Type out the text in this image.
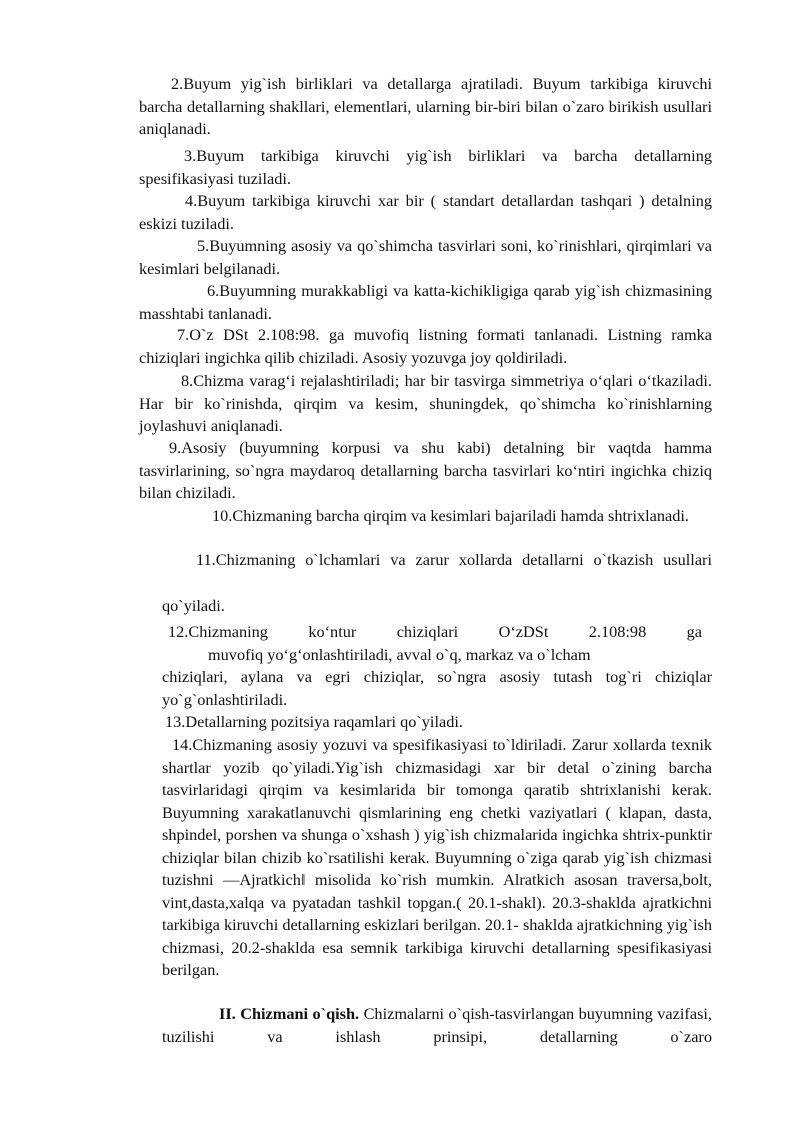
2.Buyum yig`ish birliklari va detallarga ajratiladi. Buyum tarkibiga kiruvchi barcha detallarning shakllari, elementlari, ularning bir-biri bilan o`zaro birikish usullari aniqlanadi.

3.Buyum tarkibiga kiruvchi yig`ish birliklari va barcha detallarning spesifikasiyasi tuziladi.

4.Buyum tarkibiga kiruvchi xar bir ( standart detallardan tashqari ) detalning eskizi tuziladi.

5.Buyumning asosiy va qo`shimcha tasvirlari soni, ko`rinishlari, qirqimlari va kesimlari belgilanadi.

6.Buyumning murakkabligi va katta-kichikligiga qarab yig`ish chizmasining masshtabi tanlanadi.

7.O`z DSt 2.108:98. ga muvofiq listning formati tanlanadi. Listning ramka chiziqlari ingichka qilib chiziladi. Asosiy yozuvga joy qoldiriladi.

8.Chizma varag‘i rejalashtiriladi; har bir tasvirga simmetriya o‘qlari o‘tkaziladi. Har bir ko`rinishda, qirqim va kesim, shuningdek, qo`shimcha ko`rinishlarning joylashuvi aniqlanadi.

9.Asosiy (buyumning korpusi va shu kabi) detalning bir vaqtda hamma tasvirlarining, so`ngra maydaroq detallarning barcha tasvirlari ko‘ntiri ingichka chiziq bilan chiziladi.

10.Chizmaning barcha qirqim va kesimlari bajariladi hamda shtrixlanadi.

11.Chizmaning o`lchamlari va zarur xollarda detallarni o`tkazish usullari

qo`yiladi.

12.Chizmaning ko‘ntur chiziqlari O‘zDSt 2.108:98 ga

muvofiq yo‘g‘onlashtiriladi, avval o`q, markaz va o`lcham

chiziqlari, aylana va egri chiziqlar, so`ngra asosiy tutash tog`ri chiziqlar yo`g`onlashtiriladi.

13.Detallarning pozitsiya raqamlari qo`yiladi.

14.Chizmaning asosiy yozuvi va spesifikasiyasi to`ldiriladi. Zarur xollarda texnik shartlar yozib qo`yiladi.Yig`ish chizmasidagi xar bir detal o`zining barcha tasvirlaridagi qirqim va kesimlarida bir tomonga qaratib shtrixlanishi kerak. Buyumning xarakatlanuvchi qismlarining eng chetki vaziyatlari ( klapan, dasta, shpindel, porshen va shunga o`xshash ) yig`ish chizmalarida ingichka shtrix-punktir chiziqlar bilan chizib ko`rsatilishi kerak. Buyumning o`ziga qarab yig`ish chizmasi tuzishni ―Ajratkich‖ misolida ko`rish mumkin. Alratkich asosan traversa,bolt, vint,dasta,xalqa va pyatadan tashkil topgan.( 20.1-shakl). 20.3-shaklda ajratkichni tarkibiga kiruvchi detallarning eskizlari berilgan. 20.1- shaklda ajratkichning yig`ish chizmasi, 20.2-shaklda esa semnik tarkibiga kiruvchi detallarning spesifikasiyasi berilgan.

II. Chizmani o`qish. Chizmalarni o`qish-tasvirlangan buyumning vazifasi, tuzilishi va ishlash prinsipi, detallarning o`zaro
